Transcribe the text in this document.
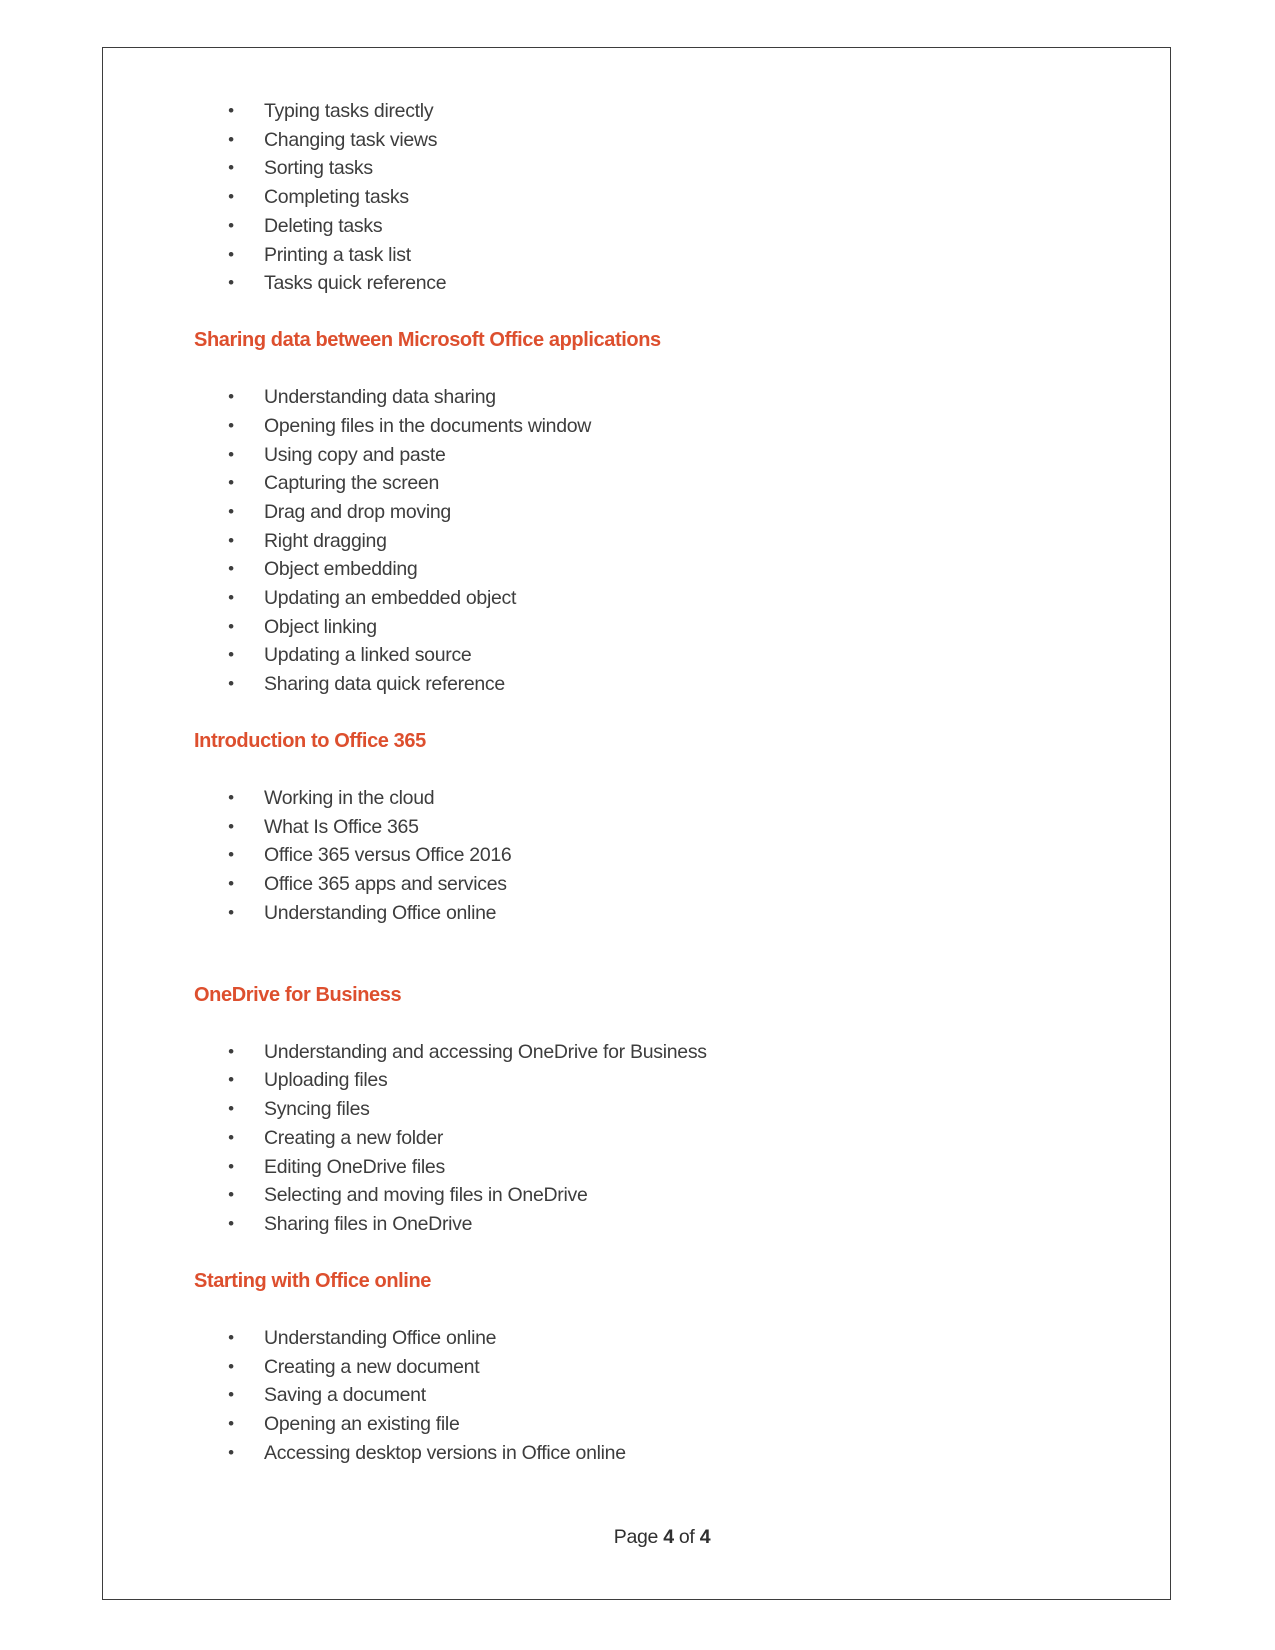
• Typing tasks directly
• Changing task views
• Sorting tasks
• Completing tasks
• Deleting tasks
• Printing a task list
• Tasks quick reference
Sharing data between Microsoft Office applications
• Understanding data sharing
• Opening files in the documents window
• Using copy and paste
• Capturing the screen
• Drag and drop moving
• Right dragging
• Object embedding
• Updating an embedded object
• Object linking
• Updating a linked source
• Sharing data quick reference
Introduction to Office 365
• Working in the cloud
• What Is Office 365
• Office 365 versus Office 2016
• Office 365 apps and services
• Understanding Office online
OneDrive for Business
• Understanding and accessing OneDrive for Business
• Uploading files
• Syncing files
• Creating a new folder
• Editing OneDrive files
• Selecting and moving files in OneDrive
• Sharing files in OneDrive
Starting with Office online
• Understanding Office online
• Creating a new document
• Saving a document
• Opening an existing file
• Accessing desktop versions in Office online
Page 4 of 4
